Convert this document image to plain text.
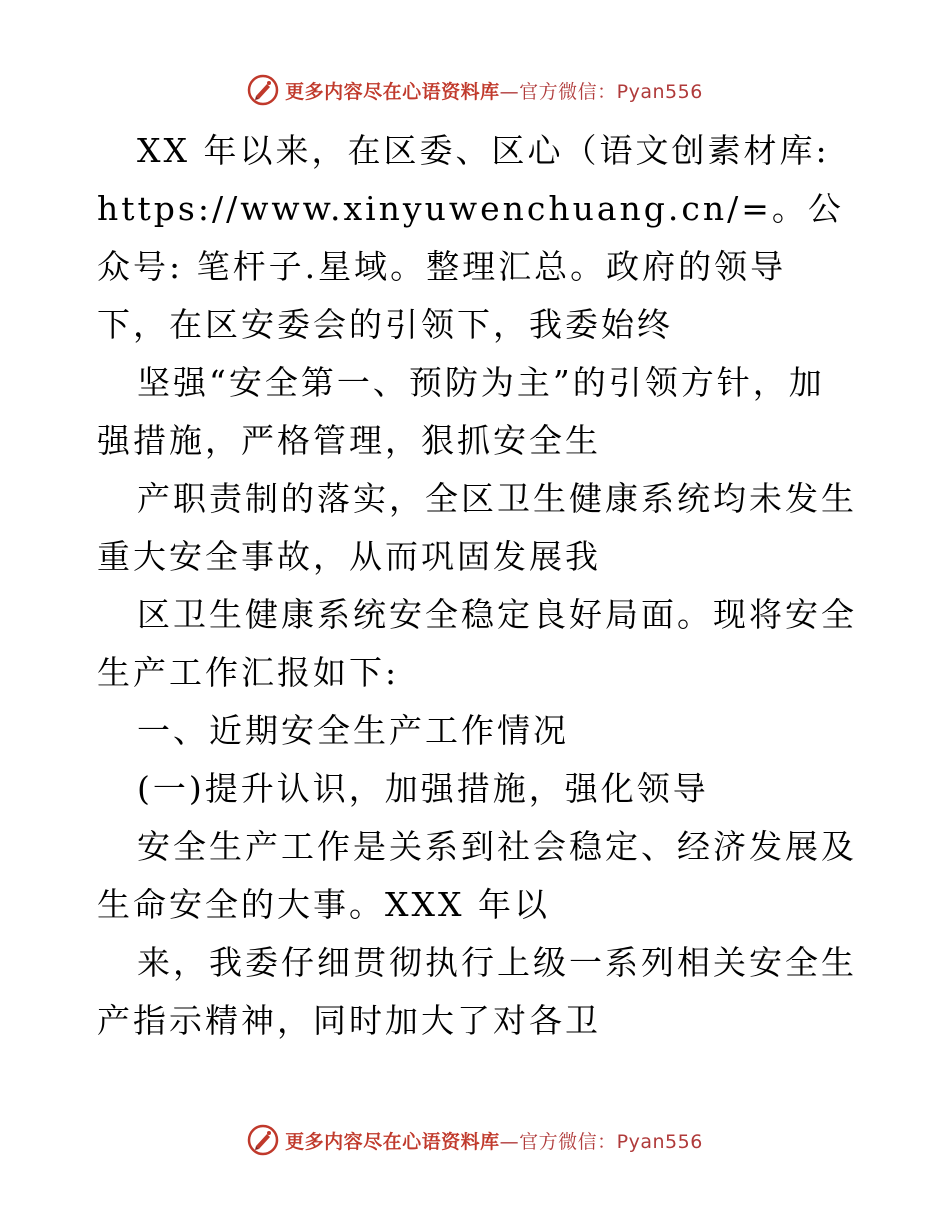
更多内容尽在心语资料库—官方微信：Pyan556

XX 年以来，在区委、区心（语文创素材库: https://www.xinyuwenchuang.cn/=。公众号: 笔杆子.星域。整理汇总。政府的领导下，在区安委会的引领下，我委始终

坚强“安全第一、预防为主”的引领方针，加强措施，严格管理，狠抓安全生

产职责制的落实，全区卫生健康系统均未发生重大安全事故，从而巩固发展我

区卫生健康系统安全稳定良好局面。现将安全生产工作汇报如下:

一、近期安全生产工作情况

(一)提升认识，加强措施，强化领导

安全生产工作是关系到社会稳定、经济发展及生命安全的大事。XXX 年以

来，我委仔细贯彻执行上级一系列相关安全生产指示精神，同时加大了对各卫

更多内容尽在心语资料库—官方微信：Pyan556
